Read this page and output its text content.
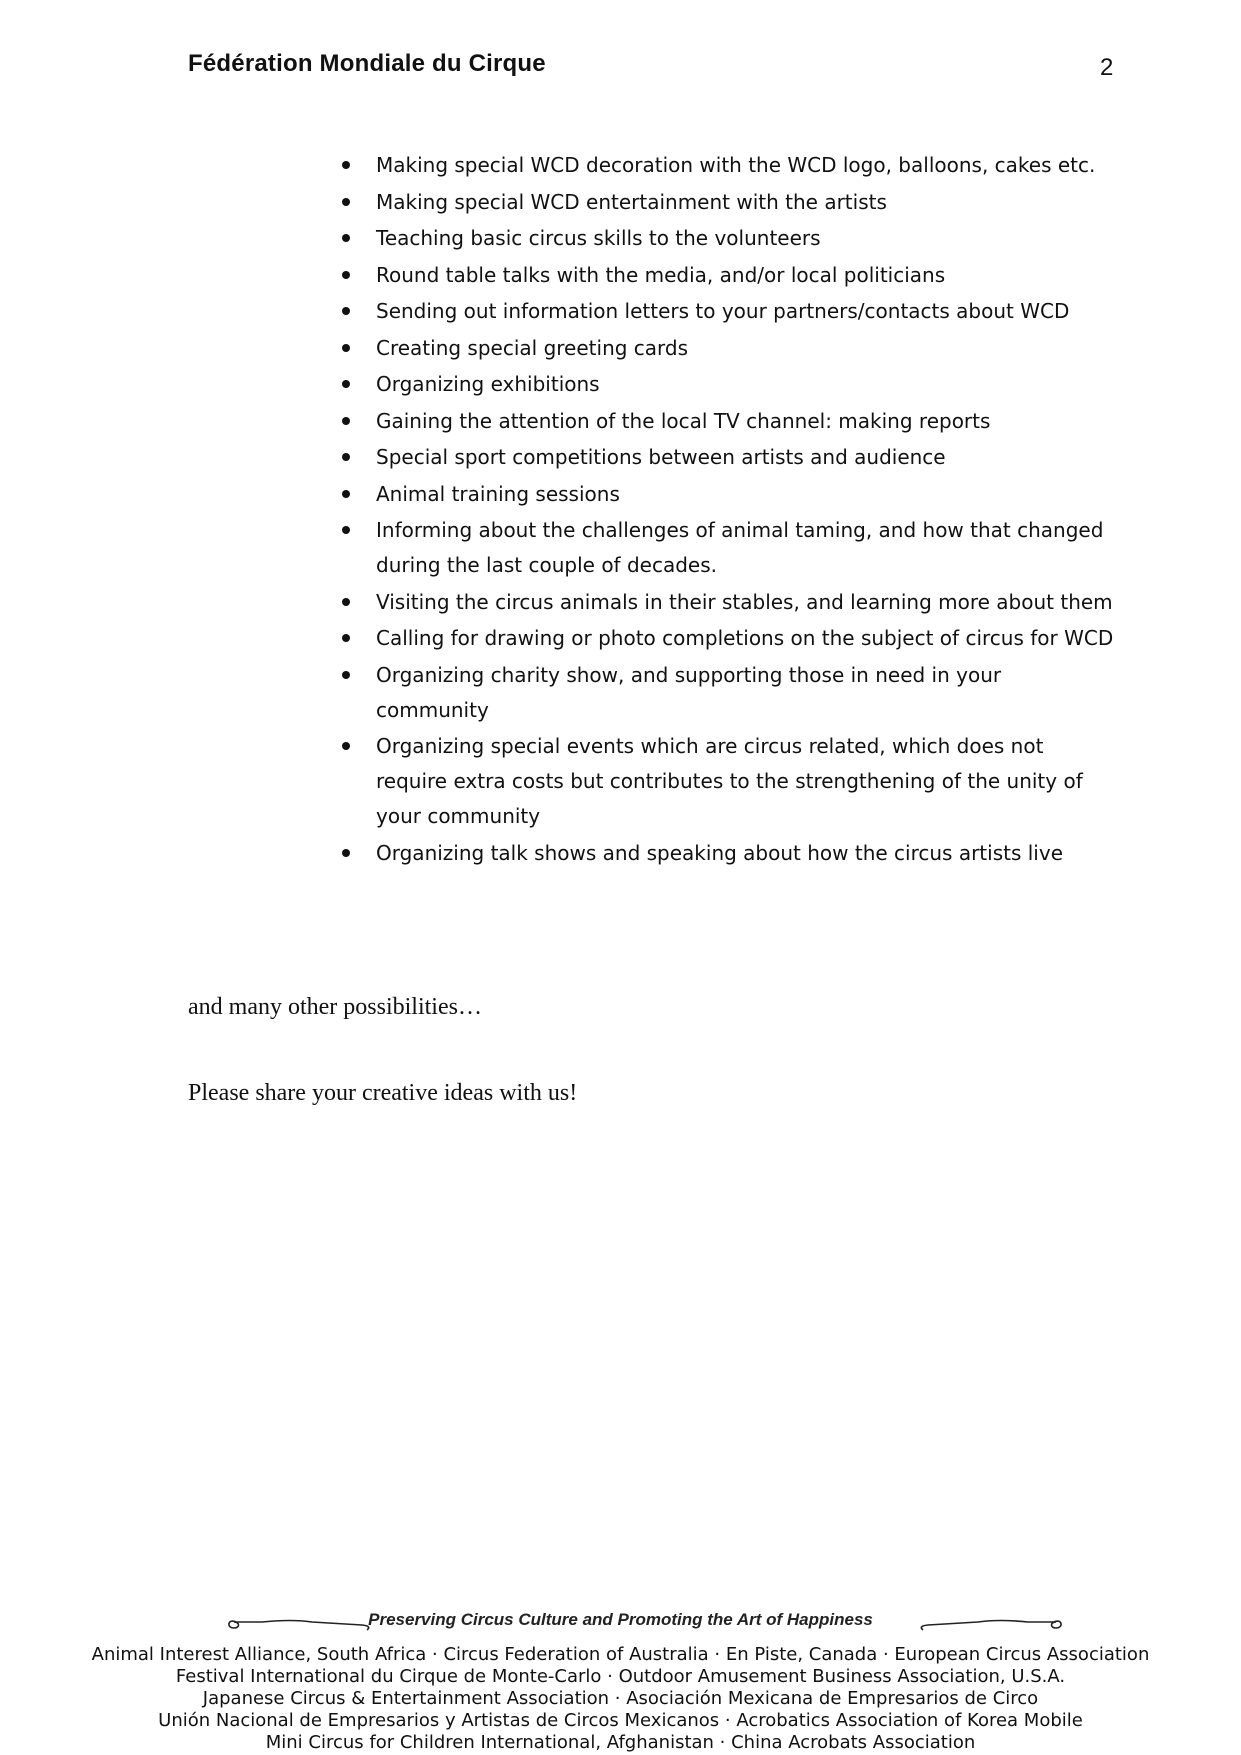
Fédération Mondiale du Cirque	2
Making special WCD decoration with the WCD logo, balloons, cakes etc.
Making special WCD entertainment with the artists
Teaching basic circus skills to the volunteers
Round table talks with the media, and/or local politicians
Sending out information letters to your partners/contacts about WCD
Creating special greeting cards
Organizing exhibitions
Gaining the attention of the local TV channel: making reports
Special sport competitions between artists and audience
Animal training sessions
Informing about the challenges of animal taming, and how that changed during the last couple of decades.
Visiting the circus animals in their stables, and learning more about them
Calling for drawing or photo completions on the subject of circus for WCD
Organizing charity show, and supporting those in need in your community
Organizing special events which are circus related, which does not require extra costs but contributes to the strengthening of the unity of your community
Organizing talk shows and speaking about how the circus artists live
and many other possibilities…
Please share your creative ideas with us!
Preserving Circus Culture and Promoting the Art of Happiness
Animal Interest Alliance, South Africa · Circus Federation of Australia · En Piste, Canada · European Circus Association
Festival International du Cirque de Monte-Carlo · Outdoor Amusement Business Association, U.S.A.
Japanese Circus & Entertainment Association · Asociación Mexicana de Empresarios de Circo
Unión Nacional de Empresarios y Artistas de Circos Mexicanos · Acrobatics Association of Korea Mobile
Mini Circus for Children International, Afghanistan · China Acrobats Association
